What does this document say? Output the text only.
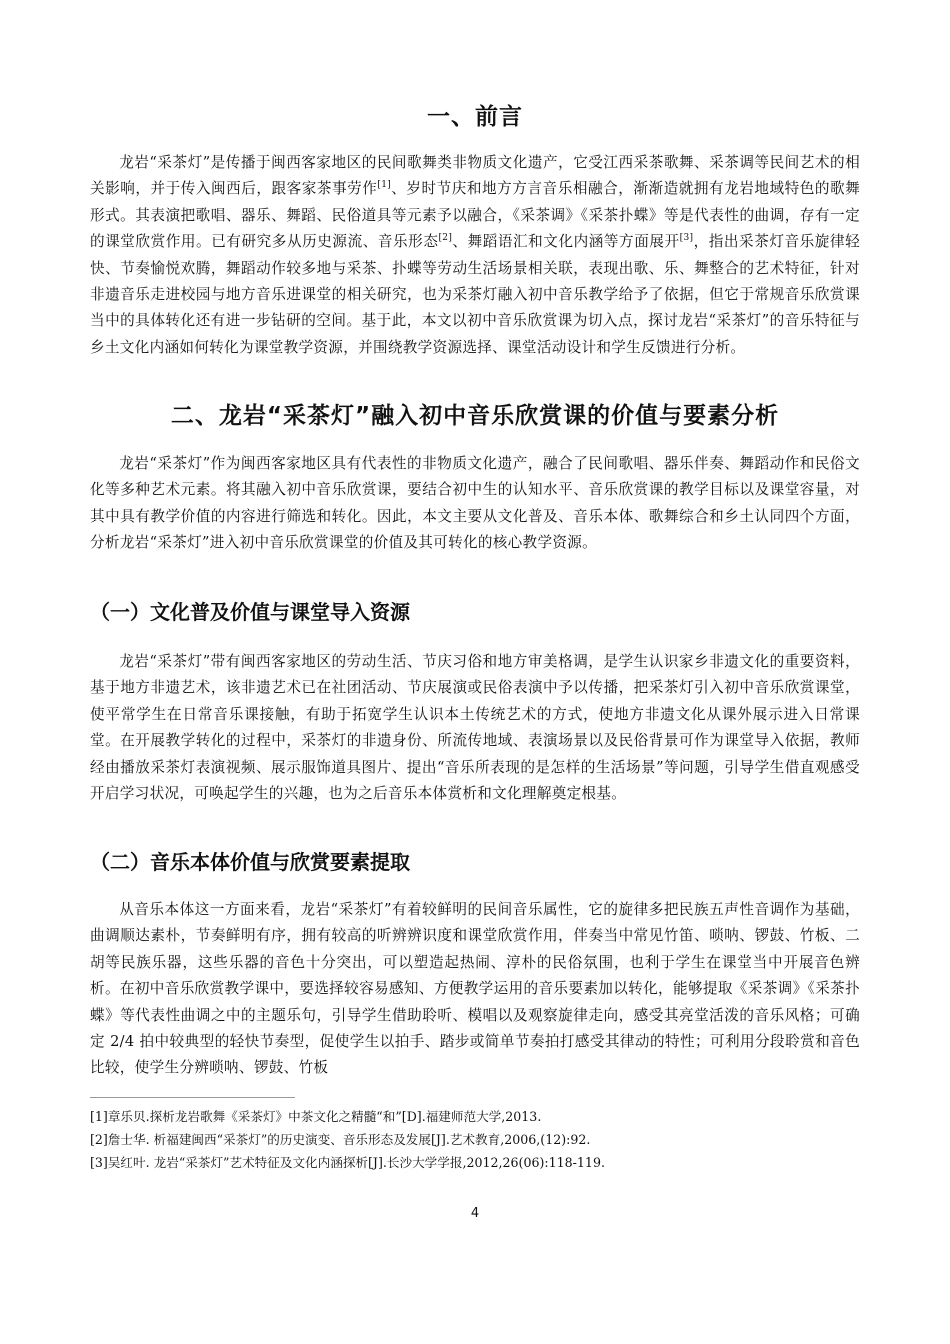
一、前言

龙岩“采茶灯”是传播于闽西客家地区的民间歌舞类非物质文化遗产，它受江西采茶歌舞、采茶调等民间艺术的相关影响，并于传入闽西后，跟客家茶事劳作[1]、岁时节庆和地方方言音乐相融合，渐渐造就拥有龙岩地域特色的歌舞形式。其表演把歌唱、器乐、舞蹈、民俗道具等元素予以融合，《采茶调》《采茶扑蝶》等是代表性的曲调，存有一定的课堂欣赏作用。已有研究多从历史源流、音乐形态[2]、舞蹈语汇和文化内涵等方面展开[3]，指出采茶灯音乐旋律轻快、节奏愉悦欢腾，舞蹈动作较多地与采茶、扑蝶等劳动生活场景相关联，表现出歌、乐、舞整合的艺术特征，针对非遗音乐走进校园与地方音乐进课堂的相关研究，也为采茶灯融入初中音乐教学给予了依据，但它于常规音乐欣赏课当中的具体转化还有进一步钻研的空间。基于此，本文以初中音乐欣赏课为切入点，探讨龙岩“采茶灯”的音乐特征与乡土文化内涵如何转化为课堂教学资源，并围绕教学资源选择、课堂活动设计和学生反馈进行分析。

二、龙岩“采茶灯”融入初中音乐欣赏课的价值与要素分析

龙岩“采茶灯”作为闽西客家地区具有代表性的非物质文化遗产，融合了民间歌唱、器乐伴奏、舞蹈动作和民俗文化等多种艺术元素。将其融入初中音乐欣赏课，要结合初中生的认知水平、音乐欣赏课的教学目标以及课堂容量，对其中具有教学价值的内容进行筛选和转化。因此，本文主要从文化普及、音乐本体、歌舞综合和乡土认同四个方面，分析龙岩“采茶灯”进入初中音乐欣赏课堂的价值及其可转化的核心教学资源。

（一）文化普及价值与课堂导入资源

龙岩“采茶灯”带有闽西客家地区的劳动生活、节庆习俗和地方审美格调，是学生认识家乡非遗文化的重要资料，基于地方非遗艺术，该非遗艺术已在社团活动、节庆展演或民俗表演中予以传播，把采茶灯引入初中音乐欣赏课堂，使平常学生在日常音乐课接触，有助于拓宽学生认识本土传统艺术的方式，使地方非遗文化从课外展示进入日常课堂。在开展教学转化的过程中，采茶灯的非遗身份、所流传地域、表演场景以及民俗背景可作为课堂导入依据，教师经由播放采茶灯表演视频、展示服饰道具图片、提出“音乐所表现的是怎样的生活场景”等问题，引导学生借直观感受开启学习状况，可唤起学生的兴趣，也为之后音乐本体赏析和文化理解奠定根基。

（二）音乐本体价值与欣赏要素提取

从音乐本体这一方面来看，龙岩“采茶灯”有着较鲜明的民间音乐属性，它的旋律多把民族五声性音调作为基础，曲调顺达素朴，节奏鲜明有序，拥有较高的听辨辨识度和课堂欣赏作用，伴奏当中常见竹笛、唢呐、锣鼓、竹板、二胡等民族乐器，这些乐器的音色十分突出，可以塑造起热闹、淳朴的民俗氛围，也利于学生在课堂当中开展音色辨析。在初中音乐欣赏教学课中，要选择较容易感知、方便教学运用的音乐要素加以转化，能够提取《采茶调》《采茶扑蝶》等代表性曲调之中的主题乐句，引导学生借助聆听、模唱以及观察旋律走向，感受其亮堂活泼的音乐风格；可确定 2/4 拍中较典型的轻快节奏型，促使学生以拍手、踏步或简单节奏拍打感受其律动的特性；可利用分段聆赏和音色比较，使学生分辨唢呐、锣鼓、竹板

[1]章乐贝.探析龙岩歌舞《采茶灯》中茶文化之精髓“和”[D].福建师范大学,2013.
[2]詹士华. 析福建闽西“采茶灯”的历史演变、音乐形态及发展[J].艺术教育,2006,(12):92.
[3]吴红叶. 龙岩“采茶灯”艺术特征及文化内涵探析[J].长沙大学学报,2012,26(06):118-119.
4
